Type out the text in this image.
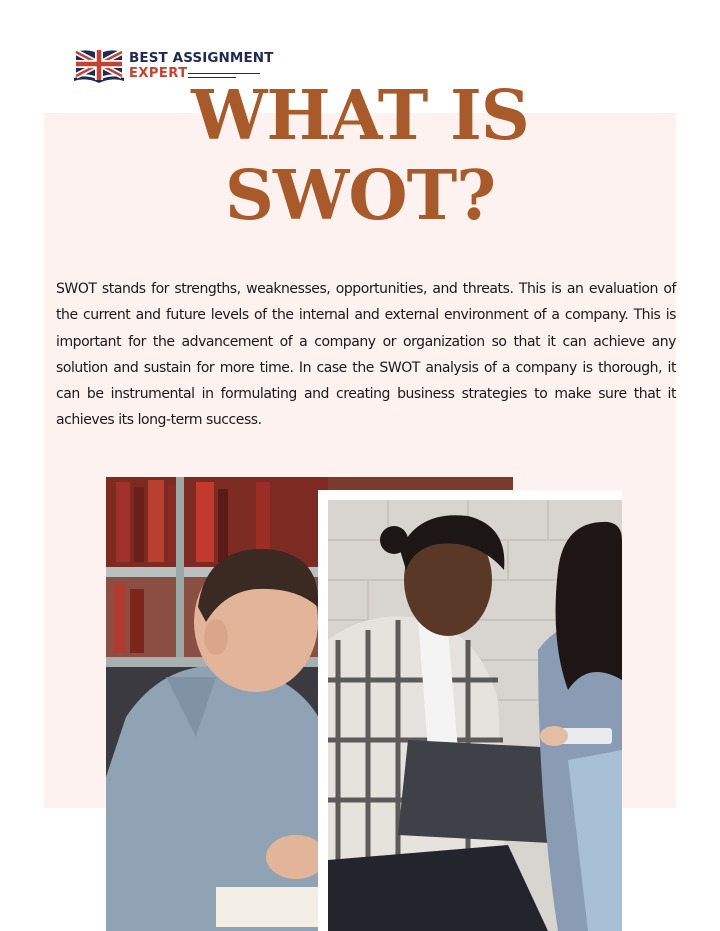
BEST ASSIGNMENT
EXPERT
WHAT IS
SWOT?

SWOT stands for strengths, weaknesses, opportunities, and threats. This is an evaluation of the current and future levels of the internal and external environment of a company. This is important for the advancement of a company or organization so that it can achieve any solution and sustain for more time. In case the SWOT analysis of a company is thorough, it can be instrumental in formulating and creating business strategies to make sure that it achieves its long-term success.
